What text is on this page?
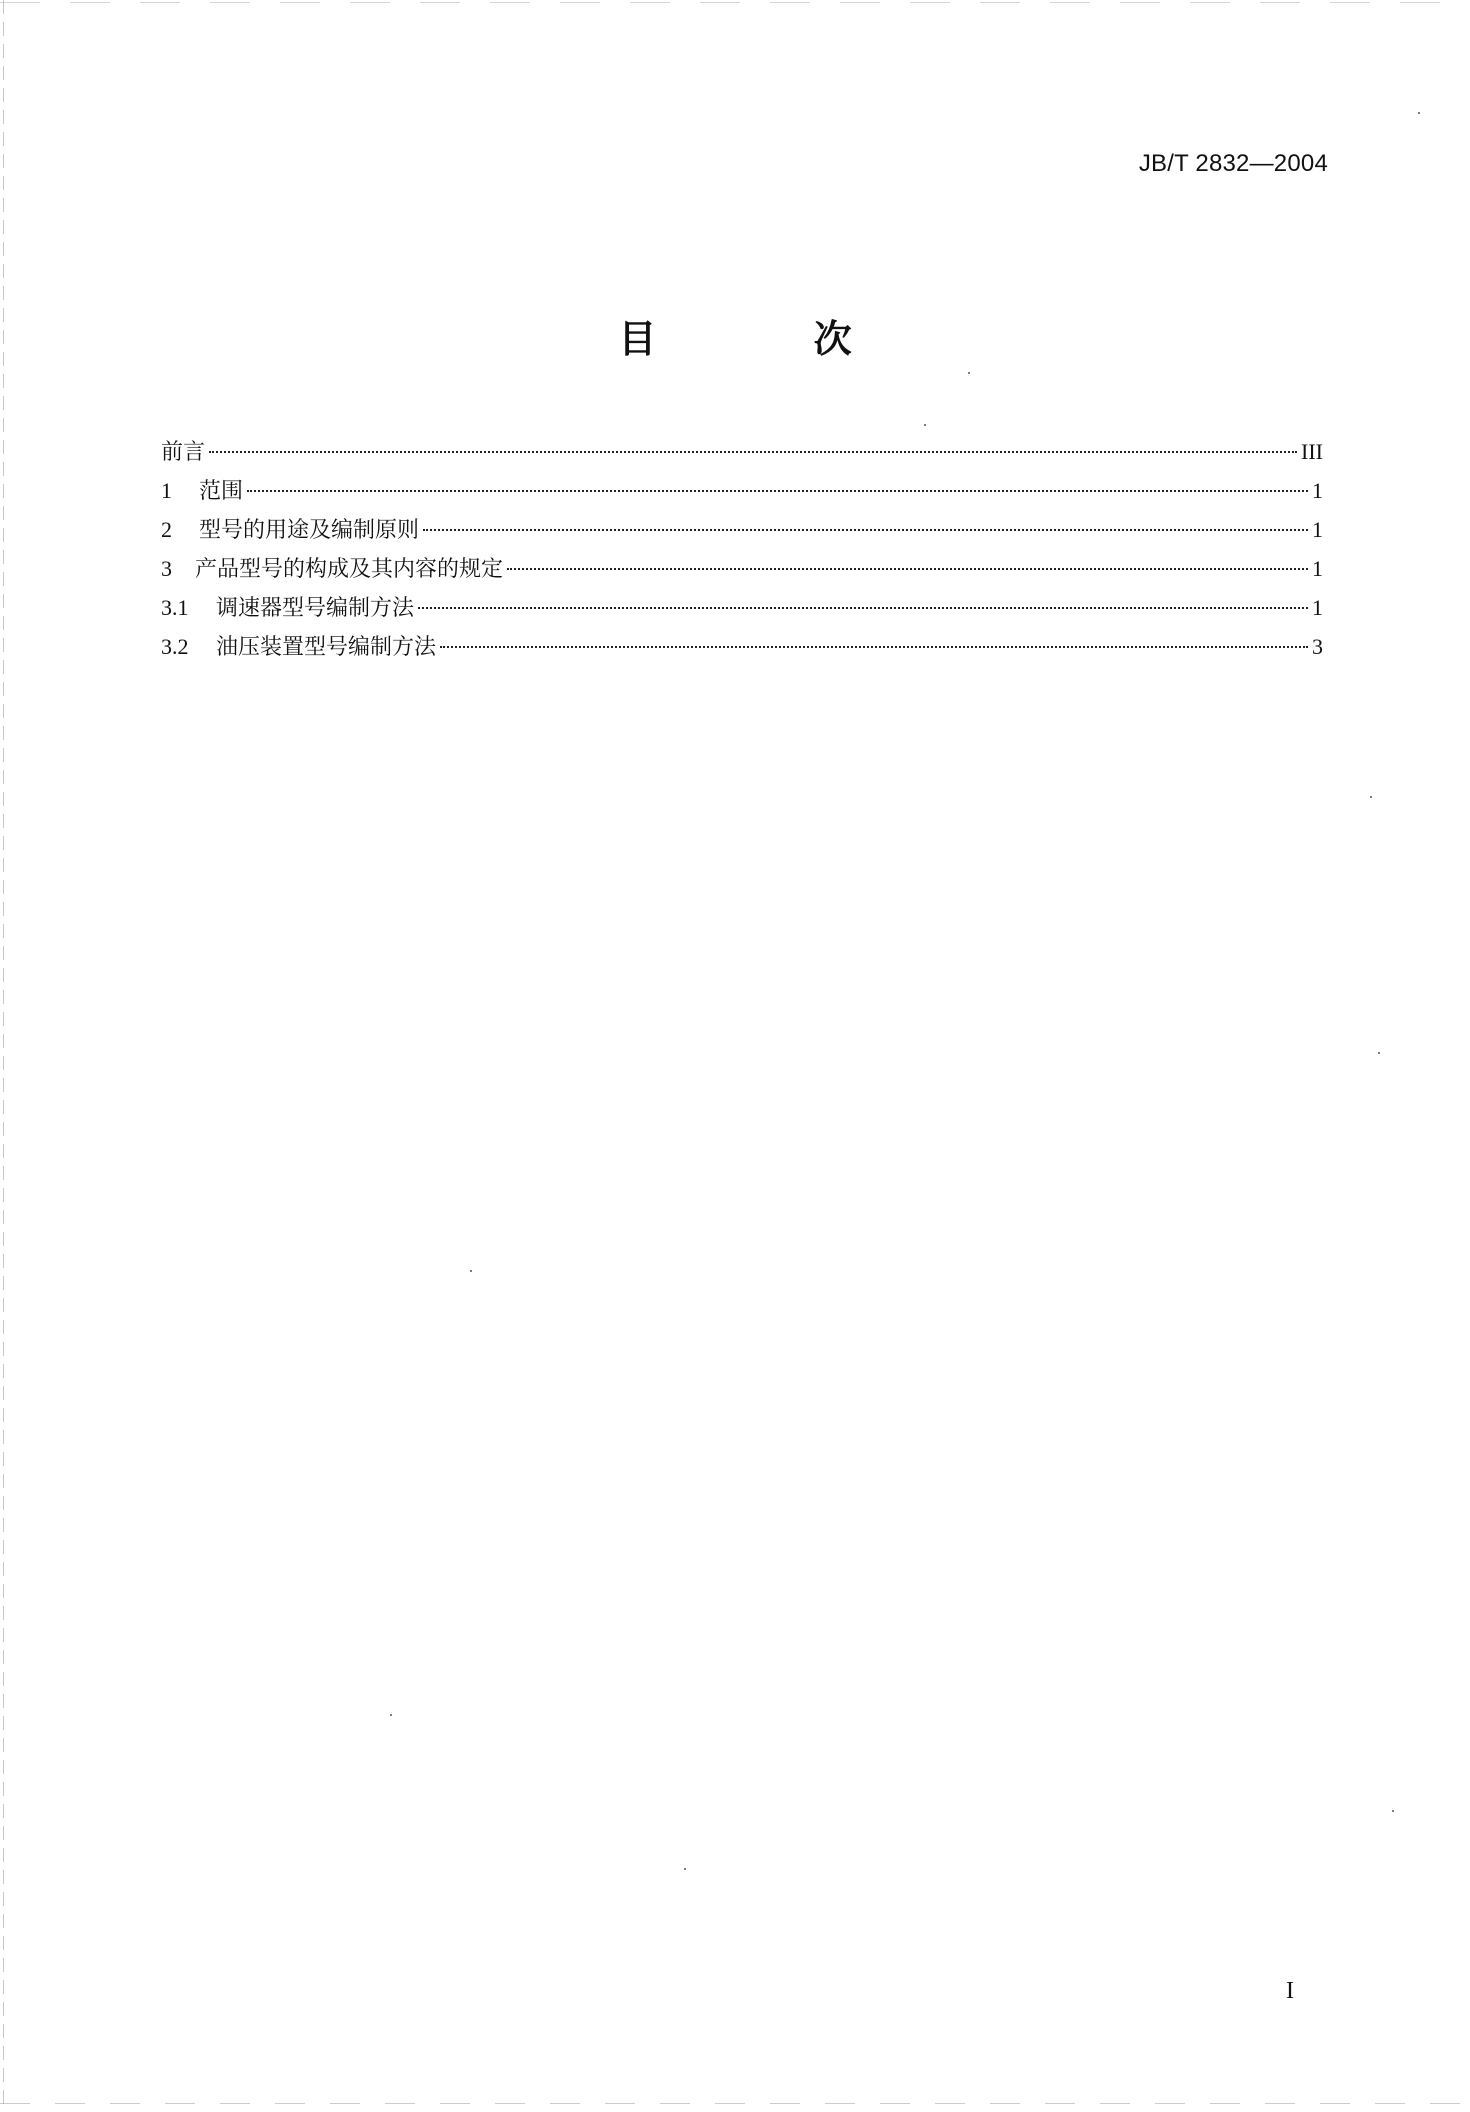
JB/T 2832—2004
目 次
前言	III
1	范围	1
2	型号的用途及编制原则	1
3	产品型号的构成及其内容的规定	1
3.1	调速器型号编制方法	1
3.2	油压装置型号编制方法	3
I
